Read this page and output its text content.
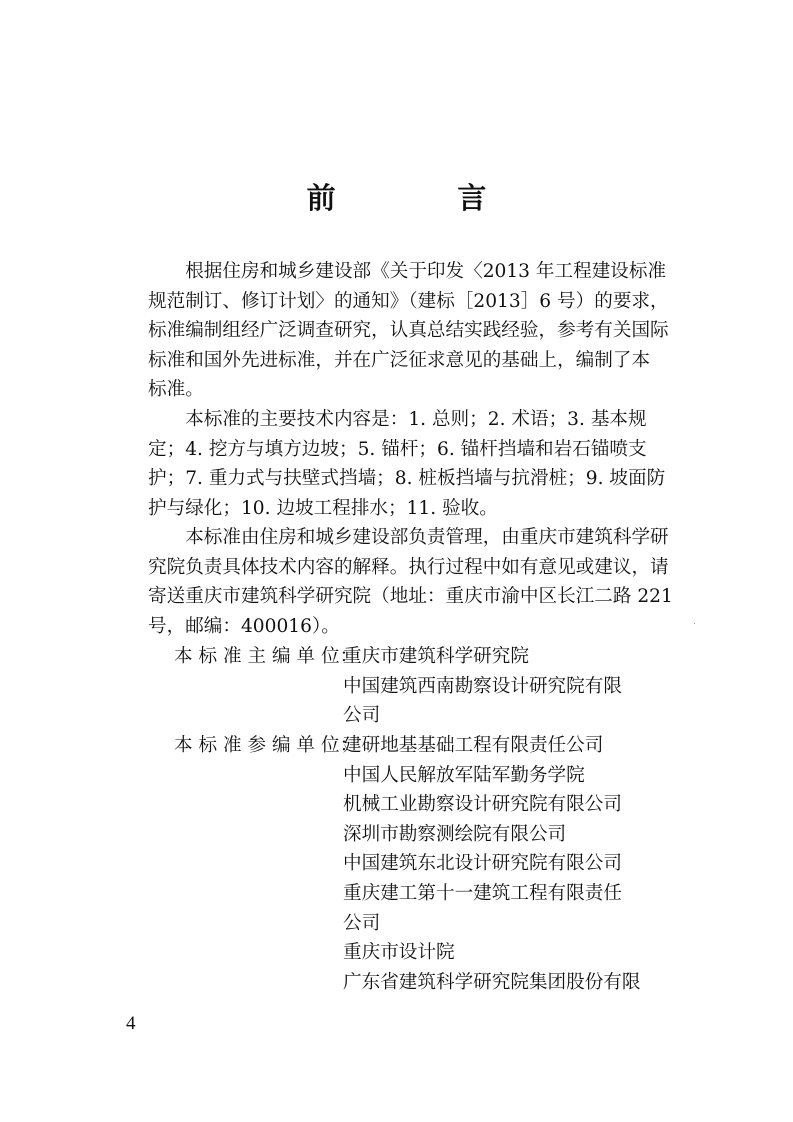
前　言

根据住房和城乡建设部《关于印发〈2013 年工程建设标准

规范制订、修订计划〉的通知》（建标［2013］6 号）的要求，
标准编制组经广泛调查研究，认真总结实践经验，参考有关国际
标准和国外先进标准，并在广泛征求意见的基础上，编制了本
标准。

本标准的主要技术内容是：1. 总则；2. 术语；3. 基本规

定；4. 挖方与填方边坡；5. 锚杆；6. 锚杆挡墙和岩石锚喷支
护；7. 重力式与扶壁式挡墙；8. 桩板挡墙与抗滑桩；9. 坡面防
护与绿化；10. 边坡工程排水；11. 验收。

本标准由住房和城乡建设部负责管理，由重庆市建筑科学研

究院负责具体技术内容的解释。执行过程中如有意见或建议，请
寄送重庆市建筑科学研究院（地址：重庆市渝中区长江二路 221
号，邮编：400016）。
本 标 准 主 编 单 位：
重庆市建筑科学研究院
中国建筑西南勘察设计研究院有限
公司
本 标 准 参 编 单 位：
建研地基基础工程有限责任公司
中国人民解放军陆军勤务学院
机械工业勘察设计研究院有限公司
深圳市勘察测绘院有限公司
中国建筑东北设计研究院有限公司
重庆建工第十一建筑工程有限责任
公司
重庆市设计院
广东省建筑科学研究院集团股份有限
4
